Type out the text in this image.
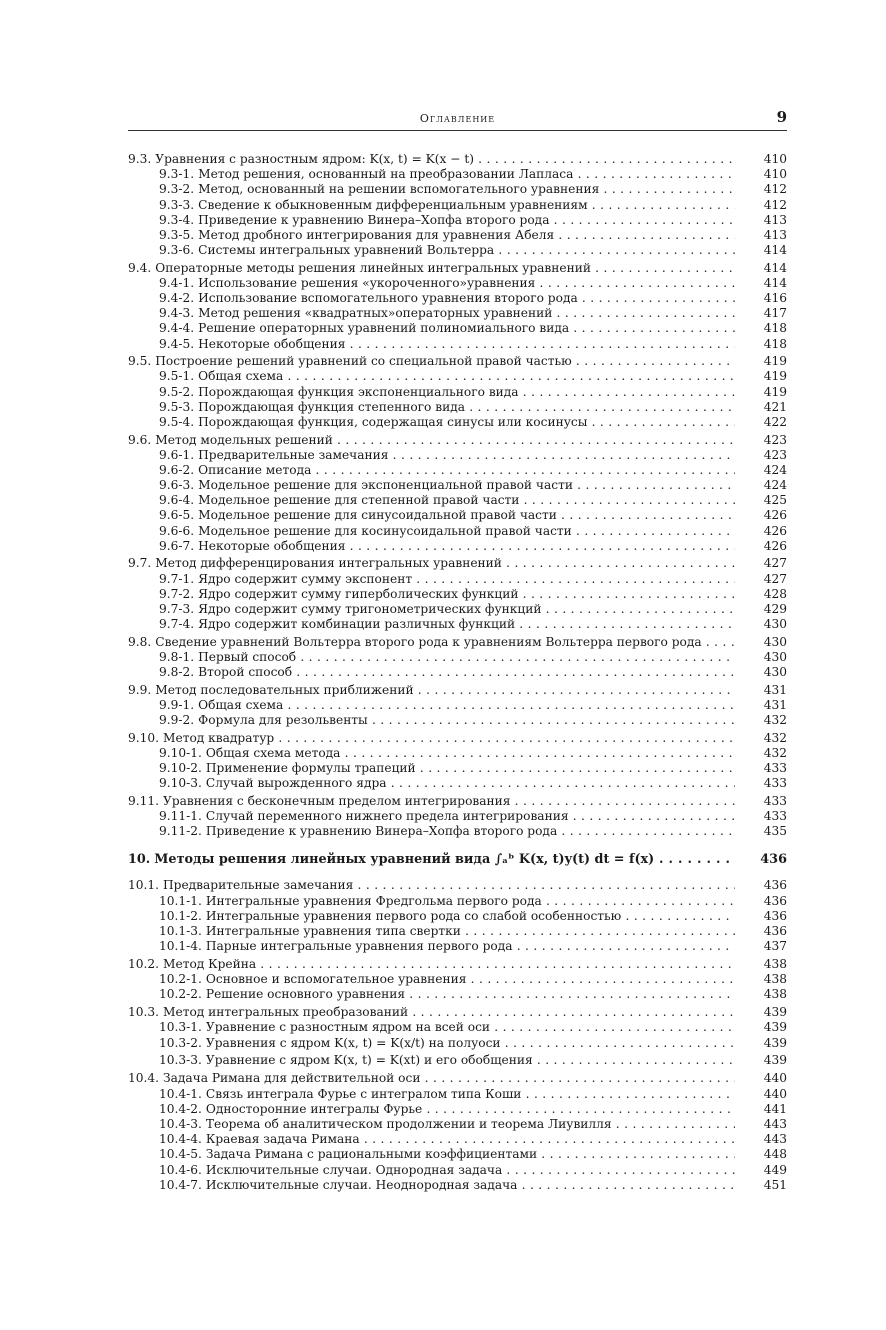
Оглавление	9
9.3. Уравнения с разностным ядром: K(x, t) = K(x − t) . . .	410
9.3-1. Метод решения, основанный на преобразовании Лапласа . . .	410
9.3-2. Метод, основанный на решении вспомогательного уравнения . . .	412
9.3-3. Сведение к обыкновенным дифференциальным уравнениям . . .	412
9.3-4. Приведение к уравнению Винера–Хопфа второго рода . . .	413
9.3-5. Метод дробного интегрирования для уравнения Абеля . . .	413
9.3-6. Системы интегральных уравнений Вольтерра . . .	414
9.4. Операторные методы решения линейных интегральных уравнений . . .	414
9.4-1. Использование решения «укороченного»уравнения . . .	414
9.4-2. Использование вспомогательного уравнения второго рода . . .	416
9.4-3. Метод решения «квадратных»операторных уравнений . . .	417
9.4-4. Решение операторных уравнений полиномиального вида . . .	418
9.4-5. Некоторые обобщения . . .	418
9.5. Построение решений уравнений со специальной правой частью . . .	419
9.5-1. Общая схема . . .	419
9.5-2. Порождающая функция экспоненциального вида . . .	419
9.5-3. Порождающая функция степенного вида . . .	421
9.5-4. Порождающая функция, содержащая синусы или косинусы . . .	422
9.6. Метод модельных решений . . .	423
9.6-1. Предварительные замечания . . .	423
9.6-2. Описание метода . . .	424
9.6-3. Модельное решение для экспоненциальной правой части . . .	424
9.6-4. Модельное решение для степенной правой части . . .	425
9.6-5. Модельное решение для синусоидальной правой части . . .	426
9.6-6. Модельное решение для косинусоидальной правой части . . .	426
9.6-7. Некоторые обобщения . . .	426
9.7. Метод дифференцирования интегральных уравнений . . .	427
9.7-1. Ядро содержит сумму экспонент . . .	427
9.7-2. Ядро содержит сумму гиперболических функций . . .	428
9.7-3. Ядро содержит сумму тригонометрических функций . . .	429
9.7-4. Ядро содержит комбинации различных функций . . .	430
9.8. Сведение уравнений Вольтерра второго рода к уравнениям Вольтерра первого рода . . .	430
9.8-1. Первый способ . . .	430
9.8-2. Второй способ . . .	430
9.9. Метод последовательных приближений . . .	431
9.9-1. Общая схема . . .	431
9.9-2. Формула для резольвенты . . .	432
9.10. Метод квадратур . . .	432
9.10-1. Общая схема метода . . .	432
9.10-2. Применение формулы трапеций . . .	433
9.10-3. Случай вырожденного ядра . . .	433
9.11. Уравнения с бесконечным пределом интегрирования . . .	433
9.11-1. Случай переменного нижнего предела интегрирования . . .	433
9.11-2. Приведение к уравнению Винера–Хопфа второго рода . . .	435
10. Методы решения линейных уравнений вида ∫ₐᵇ K(x, t)y(t) dt = f(x) . . .	436
10.1. Предварительные замечания . . .	436
10.1-1. Интегральные уравнения Фредгольма первого рода . . .	436
10.1-2. Интегральные уравнения первого рода со слабой особенностью . . .	436
10.1-3. Интегральные уравнения типа свертки . . .	436
10.1-4. Парные интегральные уравнения первого рода . . .	437
10.2. Метод Крейна . . .	438
10.2-1. Основное и вспомогательное уравнения . . .	438
10.2-2. Решение основного уравнения . . .	438
10.3. Метод интегральных преобразований . . .	439
10.3-1. Уравнение с разностным ядром на всей оси . . .	439
10.3-2. Уравнения с ядром K(x, t) = K(x/t) на полуоси . . .	439
10.3-3. Уравнение с ядром K(x, t) = K(xt) и его обобщения . . .	439
10.4. Задача Римана для действительной оси . . .	440
10.4-1. Связь интеграла Фурье с интегралом типа Коши . . .	440
10.4-2. Односторонние интегралы Фурье . . .	441
10.4-3. Теорема об аналитическом продолжении и теорема Лиувилля . . .	443
10.4-4. Краевая задача Римана . . .	443
10.4-5. Задача Римана с рациональными коэффициентами . . .	448
10.4-6. Исключительные случаи. Однородная задача . . .	449
10.4-7. Исключительные случаи. Неоднородная задача . . .	451
